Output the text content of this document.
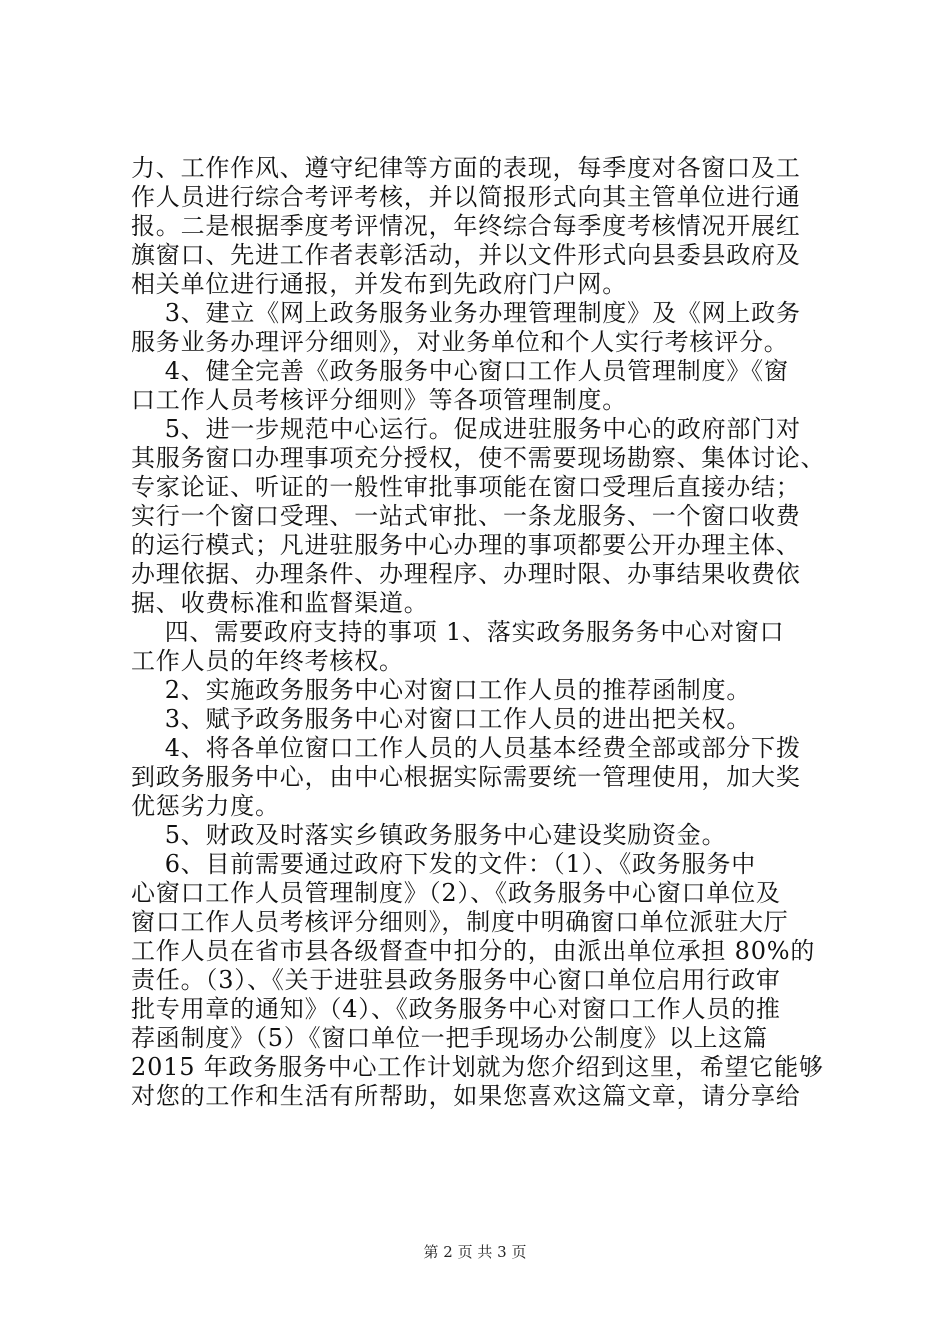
力、工作作风、遵守纪律等方面的表现，每季度对各窗口及工
作人员进行综合考评考核，并以简报形式向其主管单位进行通
报。二是根据季度考评情况，年终综合每季度考核情况开展红
旗窗口、先进工作者表彰活动，并以文件形式向县委县政府及
相关单位进行通报，并发布到先政府门户网。
3、建立《网上政务服务业务办理管理制度》及《网上政务
服务业务办理评分细则》，对业务单位和个人实行考核评分。
4、健全完善《政务服务中心窗口工作人员管理制度》《窗
口工作人员考核评分细则》等各项管理制度。
5、进一步规范中心运行。促成进驻服务中心的政府部门对
其服务窗口办理事项充分授权，使不需要现场勘察、集体讨论、
专家论证、听证的一般性审批事项能在窗口受理后直接办结；
实行一个窗口受理、一站式审批、一条龙服务、一个窗口收费
的运行模式；凡进驻服务中心办理的事项都要公开办理主体、
办理依据、办理条件、办理程序、办理时限、办事结果收费依
据、收费标准和监督渠道。
四、需要政府支持的事项 1、落实政务服务务中心对窗口
工作人员的年终考核权。
2、实施政务服务中心对窗口工作人员的推荐函制度。
3、赋予政务服务中心对窗口工作人员的进出把关权。
4、将各单位窗口工作人员的人员基本经费全部或部分下拨
到政务服务中心，由中心根据实际需要统一管理使用，加大奖
优惩劣力度。
5、财政及时落实乡镇政务服务中心建设奖励资金。
6、目前需要通过政府下发的文件：（1）、《政务服务中
心窗口工作人员管理制度》（2）、《政务服务中心窗口单位及
窗口工作人员考核评分细则》，制度中明确窗口单位派驻大厅
工作人员在省市县各级督查中扣分的，由派出单位承担 80%的
责任。（3）、《关于进驻县政务服务中心窗口单位启用行政审
批专用章的通知》（4）、《政务服务中心对窗口工作人员的推
荐函制度》（5）《窗口单位一把手现场办公制度》以上这篇
2015 年政务服务中心工作计划就为您介绍到这里，希望它能够
对您的工作和生活有所帮助，如果您喜欢这篇文章，请分享给
第 2 页 共 3 页
